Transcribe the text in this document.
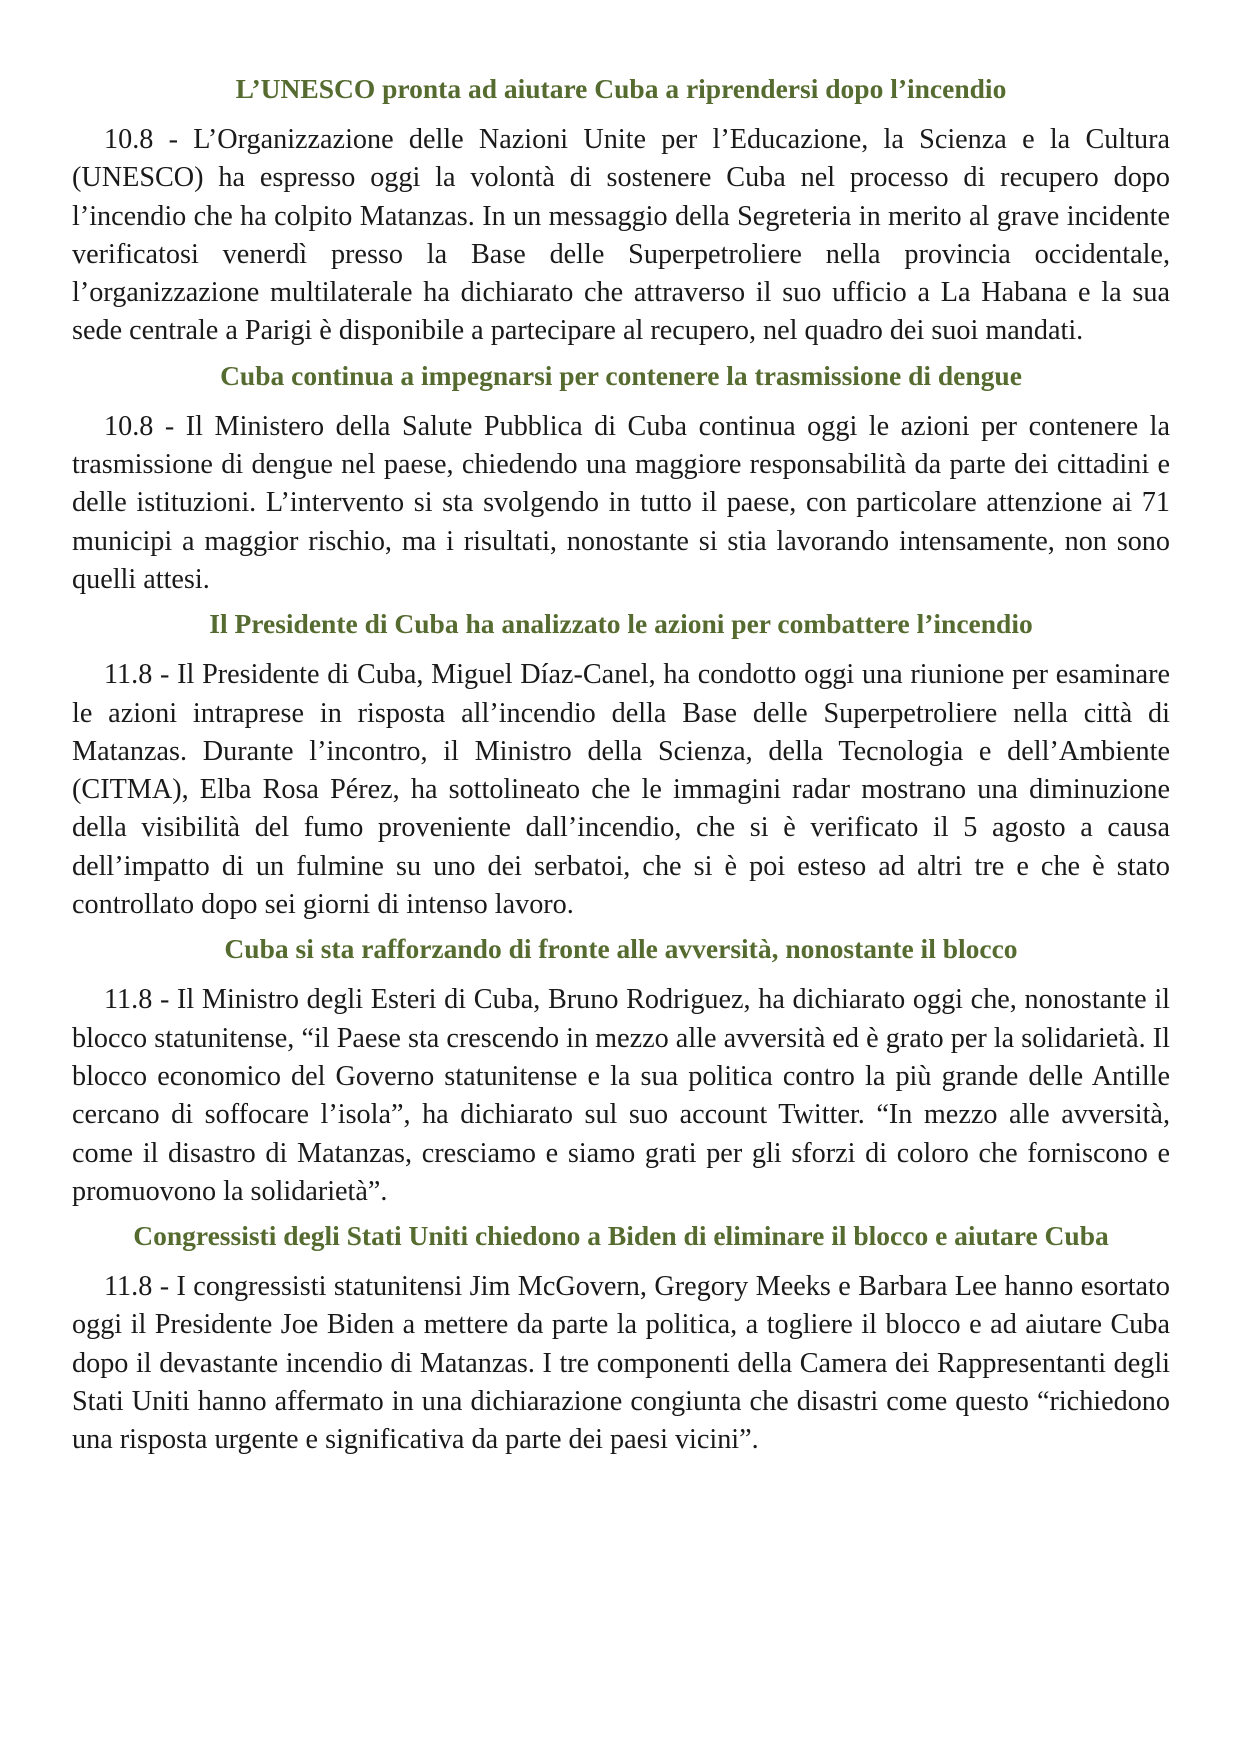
L’UNESCO pronta ad aiutare Cuba a riprendersi dopo l’incendio

10.8 - L’Organizzazione delle Nazioni Unite per l’Educazione, la Scienza e la Cultura (UNESCO) ha espresso oggi la volontà di sostenere Cuba nel processo di recupero dopo l’incendio che ha colpito Matanzas. In un messaggio della Segreteria in merito al grave incidente verificatosi venerdì presso la Base delle Superpetroliere nella provincia occidentale, l’organizzazione multilaterale ha dichiarato che attraverso il suo ufficio a La Habana e la sua sede centrale a Parigi è disponibile a partecipare al recupero, nel quadro dei suoi mandati.

Cuba continua a impegnarsi per contenere la trasmissione di dengue

10.8 - Il Ministero della Salute Pubblica di Cuba continua oggi le azioni per contenere la trasmissione di dengue nel paese, chiedendo una maggiore responsabilità da parte dei cittadini e delle istituzioni. L’intervento si sta svolgendo in tutto il paese, con particolare attenzione ai 71 municipi a maggior rischio, ma i risultati, nonostante si stia lavorando intensamente, non sono quelli attesi.

Il Presidente di Cuba ha analizzato le azioni per combattere l’incendio

11.8 - Il Presidente di Cuba, Miguel Díaz-Canel, ha condotto oggi una riunione per esaminare le azioni intraprese in risposta all’incendio della Base delle Superpetroliere nella città di Matanzas. Durante l’incontro, il Ministro della Scienza, della Tecnologia e dell’Ambiente (CITMA), Elba Rosa Pérez, ha sottolineato che le immagini radar mostrano una diminuzione della visibilità del fumo proveniente dall’incendio, che si è verificato il 5 agosto a causa dell’impatto di un fulmine su uno dei serbatoi, che si è poi esteso ad altri tre e che è stato controllato dopo sei giorni di intenso lavoro.

Cuba si sta rafforzando di fronte alle avversità, nonostante il blocco

11.8 - Il Ministro degli Esteri di Cuba, Bruno Rodriguez, ha dichiarato oggi che, nonostante il blocco statunitense, “il Paese sta crescendo in mezzo alle avversità ed è grato per la solidarietà. Il blocco economico del Governo statunitense e la sua politica contro la più grande delle Antille cercano di soffocare l’isola”, ha dichiarato sul suo account Twitter. “In mezzo alle avversità, come il disastro di Matanzas, cresciamo e siamo grati per gli sforzi di coloro che forniscono e promuovono la solidarietà”.

Congressisti degli Stati Uniti chiedono a Biden di eliminare il blocco e aiutare Cuba

11.8 - I congressisti statunitensi Jim McGovern, Gregory Meeks e Barbara Lee hanno esortato oggi il Presidente Joe Biden a mettere da parte la politica, a togliere il blocco e ad aiutare Cuba dopo il devastante incendio di Matanzas. I tre componenti della Camera dei Rappresentanti degli Stati Uniti hanno affermato in una dichiarazione congiunta che disastri come questo “richiedono una risposta urgente e significativa da parte dei paesi vicini”.
